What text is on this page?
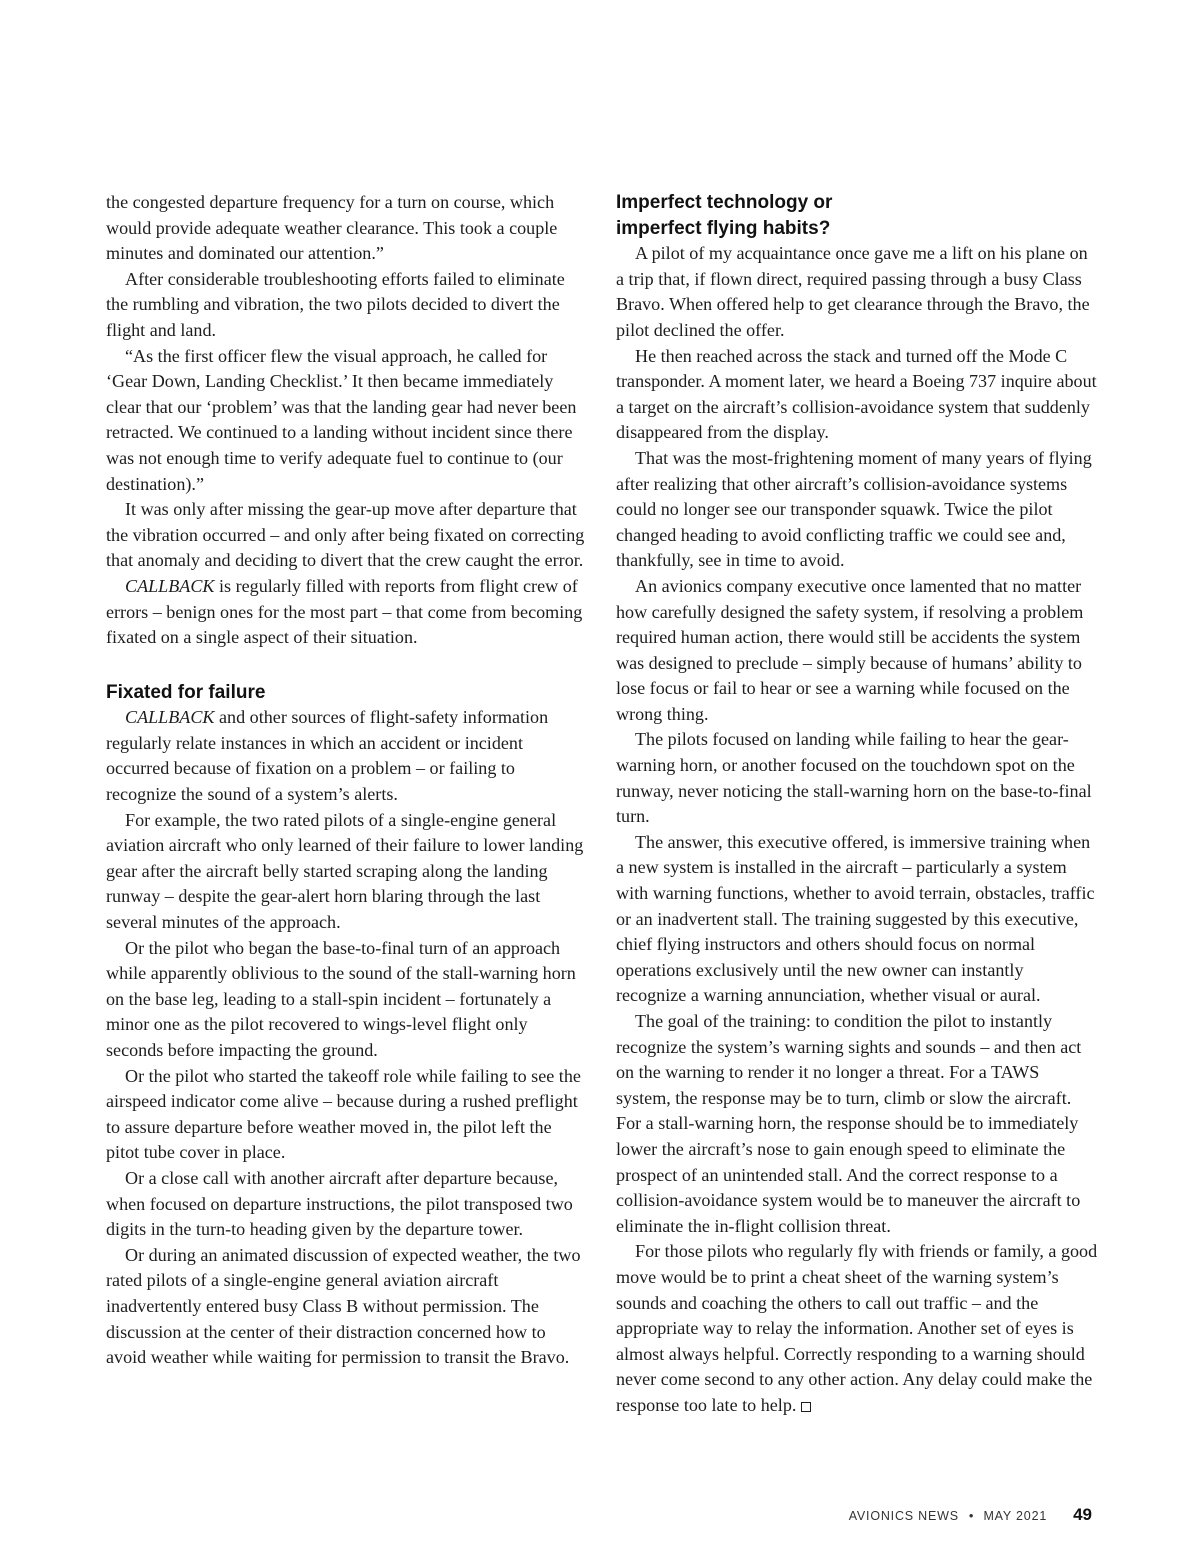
the congested departure frequency for a turn on course, which would provide adequate weather clearance. This took a couple minutes and dominated our attention.”

After considerable troubleshooting efforts failed to eliminate the rumbling and vibration, the two pilots decided to divert the flight and land.

“As the first officer flew the visual approach, he called for ‘Gear Down, Landing Checklist.’ It then became immediately clear that our ‘problem’ was that the landing gear had never been retracted. We continued to a landing without incident since there was not enough time to verify adequate fuel to continue to (our destination).”

It was only after missing the gear-up move after departure that the vibration occurred – and only after being fixated on correcting that anomaly and deciding to divert that the crew caught the error.

CALLBACK is regularly filled with reports from flight crew of errors – benign ones for the most part – that come from becoming fixated on a single aspect of their situation.

Fixated for failure

CALLBACK and other sources of flight-safety information regularly relate instances in which an accident or incident occurred because of fixation on a problem – or failing to recognize the sound of a system’s alerts.

For example, the two rated pilots of a single-engine general aviation aircraft who only learned of their failure to lower landing gear after the aircraft belly started scraping along the landing runway – despite the gear-alert horn blaring through the last several minutes of the approach.

Or the pilot who began the base-to-final turn of an approach while apparently oblivious to the sound of the stall-warning horn on the base leg, leading to a stall-spin incident – fortunately a minor one as the pilot recovered to wings-level flight only seconds before impacting the ground.

Or the pilot who started the takeoff role while failing to see the airspeed indicator come alive – because during a rushed preflight to assure departure before weather moved in, the pilot left the pitot tube cover in place.

Or a close call with another aircraft after departure because, when focused on departure instructions, the pilot transposed two digits in the turn-to heading given by the departure tower.

Or during an animated discussion of expected weather, the two rated pilots of a single-engine general aviation aircraft inadvertently entered busy Class B without permission. The discussion at the center of their distraction concerned how to avoid weather while waiting for permission to transit the Bravo.

Imperfect technology or
imperfect flying habits?

A pilot of my acquaintance once gave me a lift on his plane on a trip that, if flown direct, required passing through a busy Class Bravo. When offered help to get clearance through the Bravo, the pilot declined the offer.

He then reached across the stack and turned off the Mode C transponder. A moment later, we heard a Boeing 737 inquire about a target on the aircraft’s collision-avoidance system that suddenly disappeared from the display.

That was the most-frightening moment of many years of flying after realizing that other aircraft’s collision-avoidance systems could no longer see our transponder squawk. Twice the pilot changed heading to avoid conflicting traffic we could see and, thankfully, see in time to avoid.

An avionics company executive once lamented that no matter how carefully designed the safety system, if resolving a problem required human action, there would still be accidents the system was designed to preclude – simply because of humans’ ability to lose focus or fail to hear or see a warning while focused on the wrong thing.

The pilots focused on landing while failing to hear the gear-warning horn, or another focused on the touchdown spot on the runway, never noticing the stall-warning horn on the base-to-final turn.

The answer, this executive offered, is immersive training when a new system is installed in the aircraft – particularly a system with warning functions, whether to avoid terrain, obstacles, traffic or an inadvertent stall. The training suggested by this executive, chief flying instructors and others should focus on normal operations exclusively until the new owner can instantly recognize a warning annunciation, whether visual or aural.

The goal of the training: to condition the pilot to instantly recognize the system’s warning sights and sounds – and then act on the warning to render it no longer a threat. For a TAWS system, the response may be to turn, climb or slow the aircraft. For a stall-warning horn, the response should be to immediately lower the aircraft’s nose to gain enough speed to eliminate the prospect of an unintended stall. And the correct response to a collision-avoidance system would be to maneuver the aircraft to eliminate the in-flight collision threat.

For those pilots who regularly fly with friends or family, a good move would be to print a cheat sheet of the warning system’s sounds and coaching the others to call out traffic – and the appropriate way to relay the information. Another set of eyes is almost always helpful. Correctly responding to a warning should never come second to any other action. Any delay could make the response too late to help.

AVIONICS NEWS • MAY 2021 49
